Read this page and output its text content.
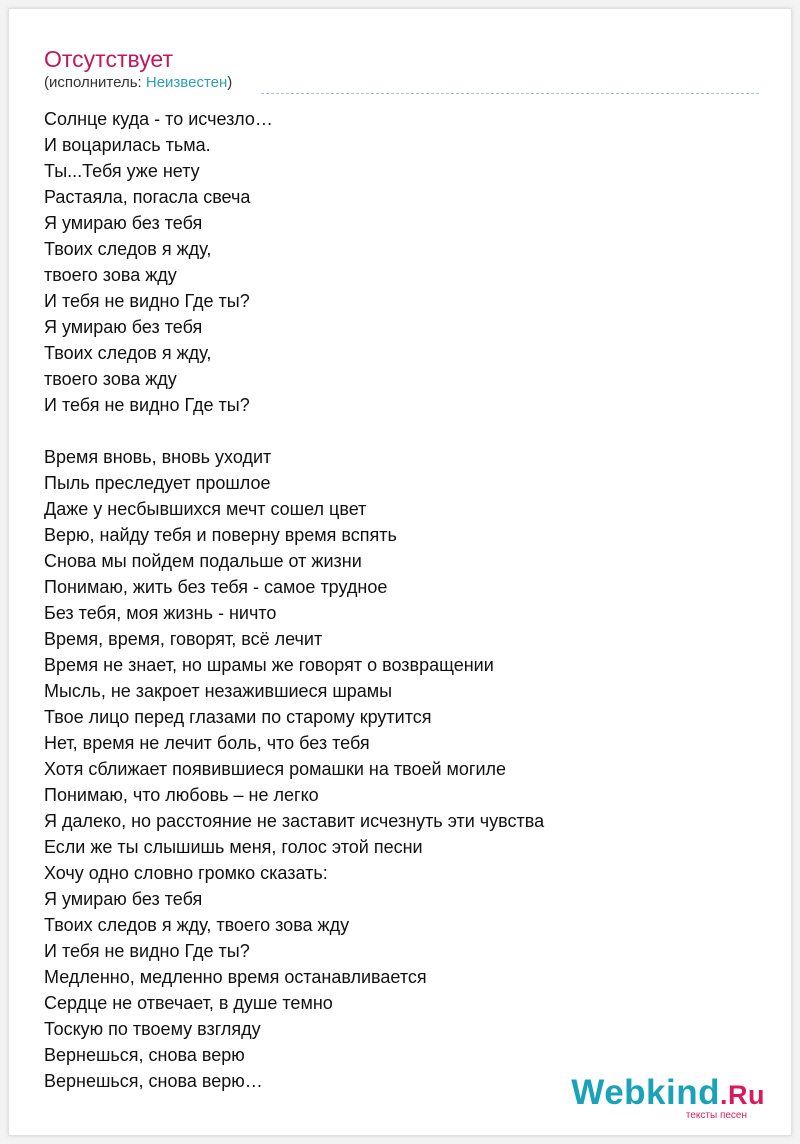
Отсутствует
(исполнитель: Неизвестен)
Солнце куда - то исчезло…
И воцарилась тьма.
Ты...Тебя уже нету
Растаяла, погасла свеча
Я умираю без тебя
Твоих следов я жду,
твоего зова жду
И тебя не видно Где ты?
Я умираю без тебя
Твоих следов я жду,
твоего зова жду
И тебя не видно Где ты?
Время вновь, вновь уходит
Пыль преследует прошлое
Даже у несбывшихся мечт сошел цвет
Верю, найду тебя и поверну время вспять
Снова мы пойдем подальше от жизни
Понимаю, жить без тебя - самое трудное
Без тебя, моя жизнь - ничто
Время, время, говорят, всё лечит
Время не знает, но шрамы же говорят о возвращении
Мысль, не закроет незажившиеся шрамы
Твое лицо перед глазами по старому крутится
Нет, время не лечит боль, что без тебя
Хотя сближает появившиеся ромашки на твоей могиле
Понимаю, что любовь – не легко
Я далеко, но расстояние не заставит исчезнуть эти чувства
Если же ты слышишь меня, голос этой песни
Хочу одно словно громко сказать:
Я умираю без тебя
Твоих следов я жду, твоего зова жду
И тебя не видно Где ты?
Медленно, медленно время останавливается
Сердце не отвечает, в душе темно
Тоскую по твоему взгляду
Вернешься, снова верю
Вернешься, снова верю…	Webkind.Ru
тексты песен
